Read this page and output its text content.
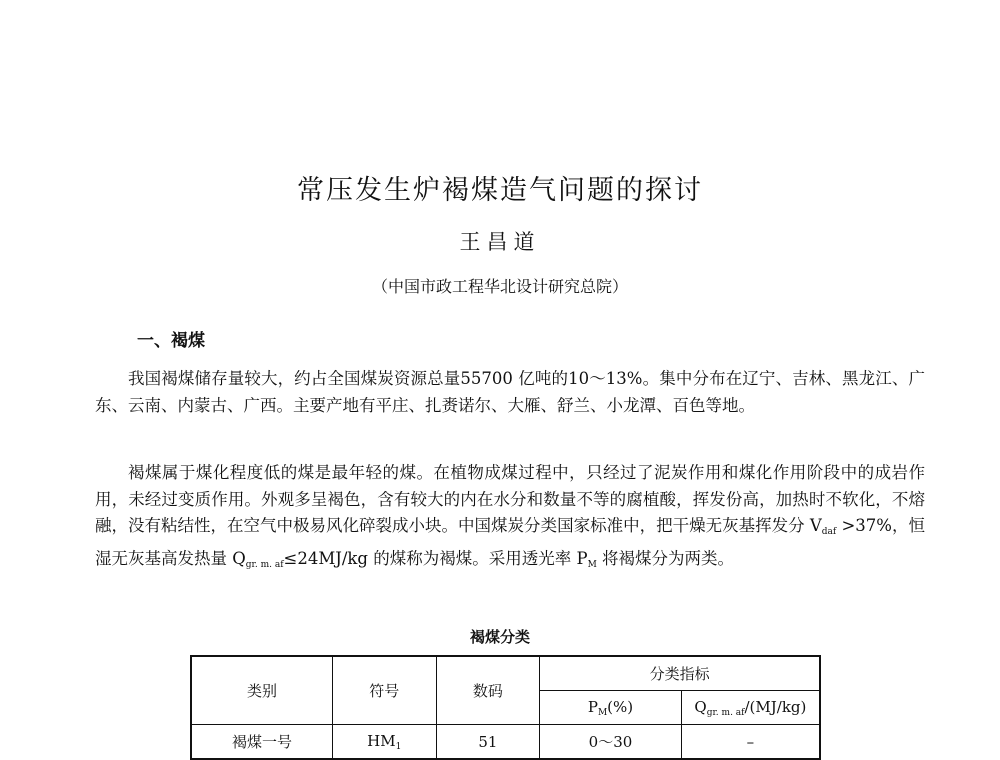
常压发生炉褐煤造气问题的探讨
王昌道
（中国市政工程华北设计研究总院）
一、褐煤

我国褐煤储存量较大，约占全国煤炭资源总量55700 亿吨的10～13%。集中分布在辽宁、吉林、黑龙江、广东、云南、内蒙古、广西。主要产地有平庄、扎赉诺尔、大雁、舒兰、小龙潭、百色等地。

褐煤属于煤化程度低的煤是最年轻的煤。在植物成煤过程中，只经过了泥炭作用和煤化作用阶段中的成岩作用，未经过变质作用。外观多呈褐色，含有较大的内在水分和数量不等的腐植酸，挥发份高，加热时不软化，不熔融，没有粘结性，在空气中极易风化碎裂成小块。中国煤炭分类国家标准中，把干燥无灰基挥发分 $V_{daf} >37\%$，恒湿无灰基高发热量 $Q_{gr. m. af}\le 24MJ/kg$ 的煤称为褐煤。采用透光率 $P_M$ 将褐煤分为两类。

褐煤分类
类别	符号	数码	分类指标	
			$P_M(\%)$	$Q_{gr. m. af}/(MJ/kg)$
褐煤一号	$HM_1$	51	0～30	–
